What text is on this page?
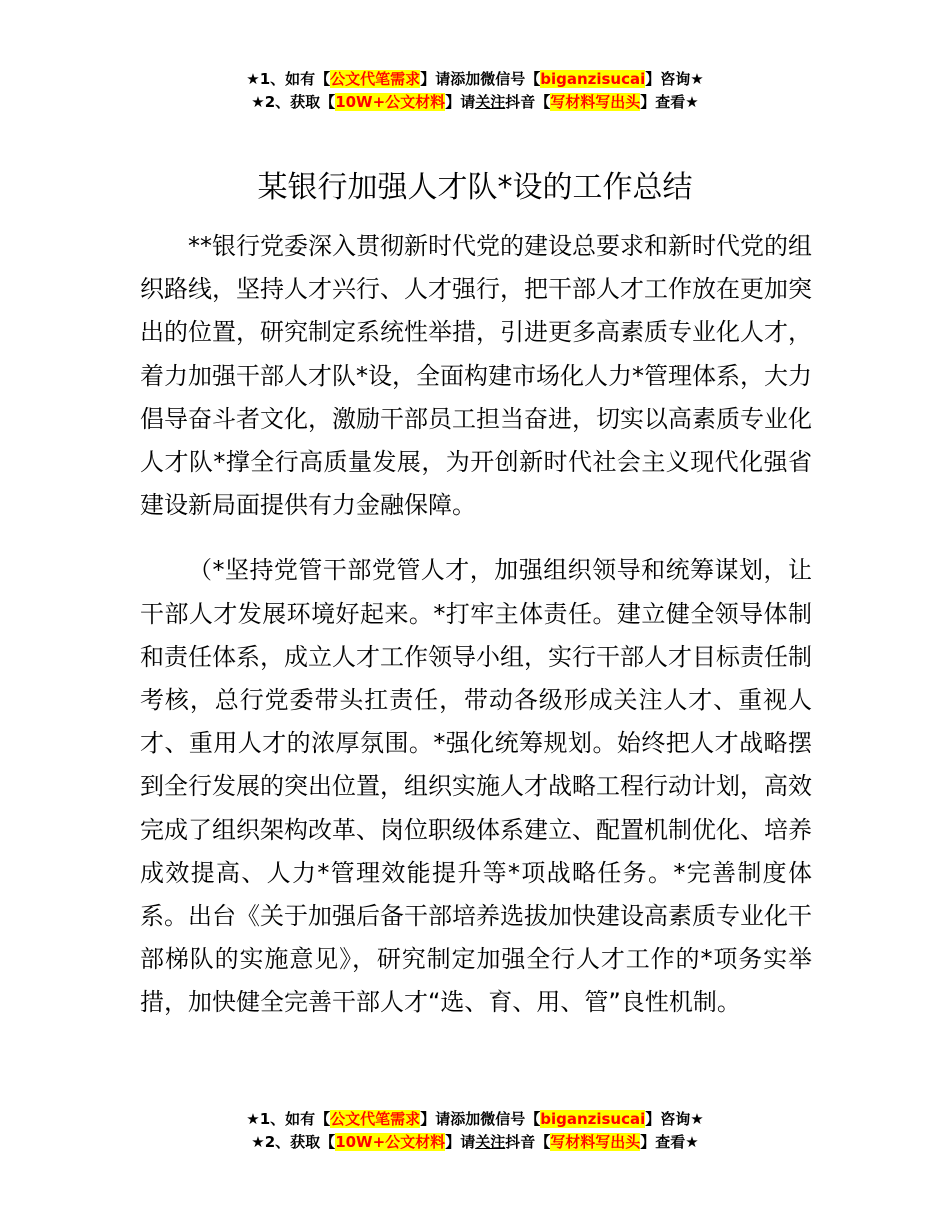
★1、如有【公文代笔需求】请添加微信号【biganzisucai】咨询★
★2、获取【10W+公文材料】请关注抖音【写材料写出头】查看★
某银行加强人才队*设的工作总结

**银行党委深入贯彻新时代党的建设总要求和新时代党的组织路线，坚持人才兴行、人才强行，把干部人才工作放在更加突出的位置，研究制定系统性举措，引进更多高素质专业化人才，着力加强干部人才队*设，全面构建市场化人力*管理体系，大力倡导奋斗者文化，激励干部员工担当奋进，切实以高素质专业化人才队*撑全行高质量发展，为开创新时代社会主义现代化强省建设新局面提供有力金融保障。

（*坚持党管干部党管人才，加强组织领导和统筹谋划，让干部人才发展环境好起来。*打牢主体责任。建立健全领导体制和责任体系，成立人才工作领导小组，实行干部人才目标责任制考核，总行党委带头扛责任，带动各级形成关注人才、重视人才、重用人才的浓厚氛围。*强化统筹规划。始终把人才战略摆到全行发展的突出位置，组织实施人才战略工程行动计划，高效完成了组织架构改革、岗位职级体系建立、配置机制优化、培养成效提高、人力*管理效能提升等*项战略任务。*完善制度体系。出台《关于加强后备干部培养选拔加快建设高素质专业化干部梯队的实施意见》，研究制定加强全行人才工作的*项务实举措，加快健全完善干部人才“选、育、用、管”良性机制。

★1、如有【公文代笔需求】请添加微信号【biganzisucai】咨询★
★2、获取【10W+公文材料】请关注抖音【写材料写出头】查看★
